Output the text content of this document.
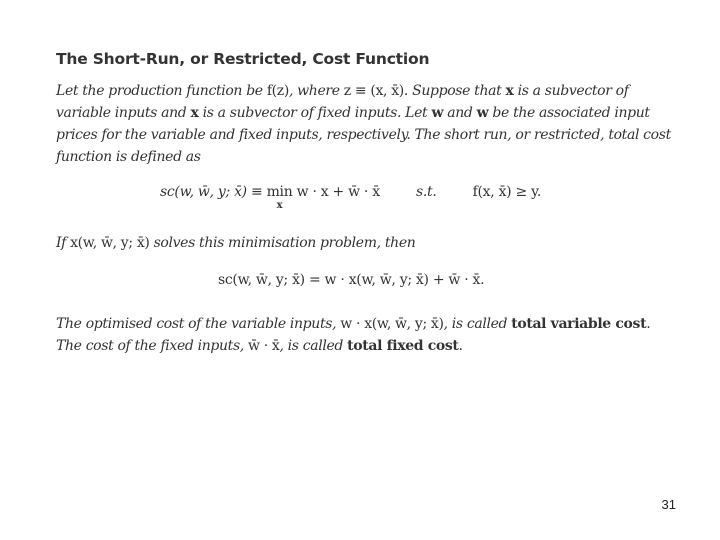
The Short-Run, or Restricted, Cost Function
Let the production function be f(z), where z ≡ (x, x̄). Suppose that x is a subvector of variable inputs and x is a subvector of fixed inputs. Let w and w be the associated input prices for the variable and fixed inputs, respectively. The short run, or restricted, total cost function is defined as
sc(w, w̄, y; x̄) ≡ min
x
w · x + w̄ · x̄	s.t.	f(x, x̄) ≥ y.
If x(w, w̄, y; x̄) solves this minimisation problem, then
sc(w, w̄, y; x̄) = w · x(w, w̄, y; x̄) + w̄ · x̄.
The optimised cost of the variable inputs, w · x(w, w̄, y; x̄), is called total variable cost.
The cost of the fixed inputs, w̄ · x̄, is called total fixed cost.
31
